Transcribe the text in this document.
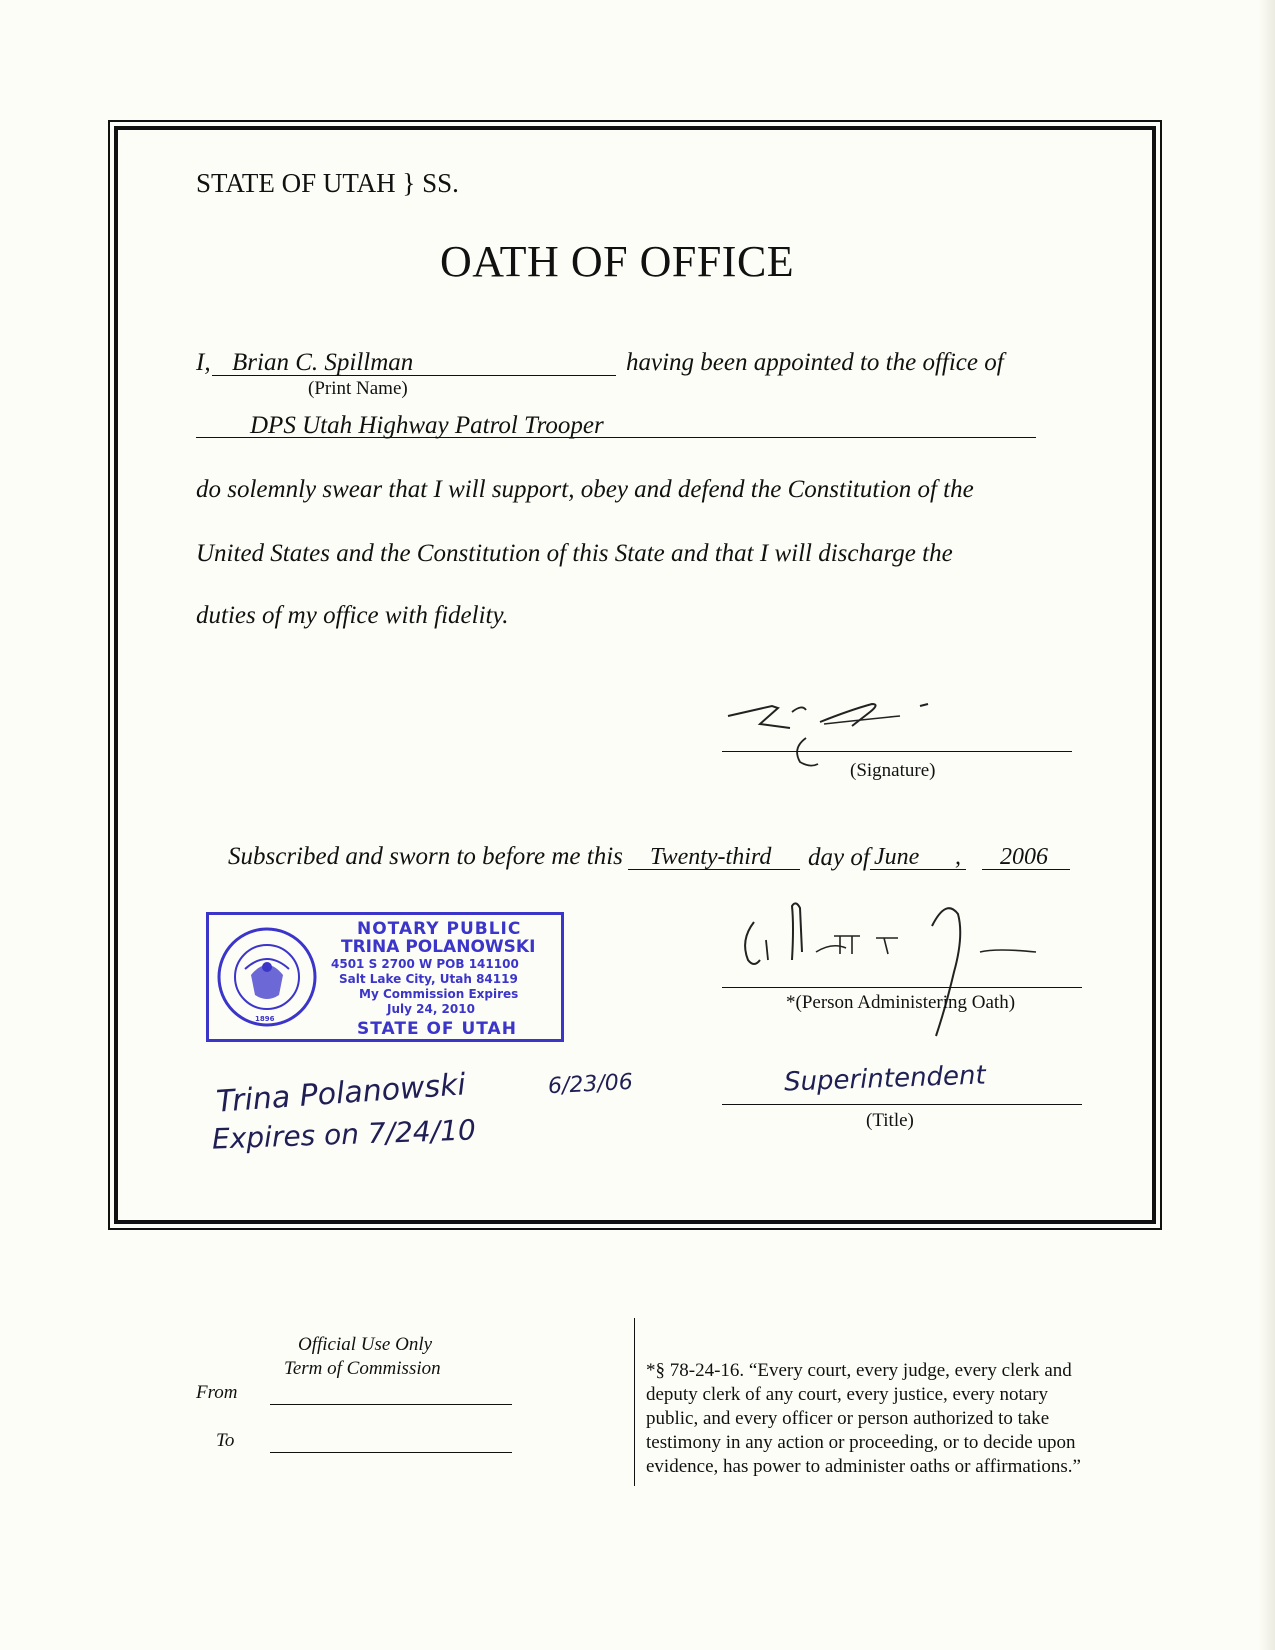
STATE OF UTAH } SS.
OATH OF OFFICE
I, Brian C. Spillman
(Print Name)
having been appointed to the office of
DPS Utah Highway Patrol Trooper
do solemnly swear that I will support, obey and defend the Constitution of the
United States and the Constitution of this State and that I will discharge the
duties of my office with fidelity.
(Signature)
Subscribed and sworn to before me this Twenty-third day of June , 2006
1896
NOTARY PUBLIC
TRINA POLANOWSKI
4501 S 2700 W POB 141100
Salt Lake City, Utah 84119
My Commission Expires
July 24, 2010
STATE OF UTAH
Trina Polanowski	6/23/06
Expires on 7/24/10
*(Person Administering Oath)
Superintendent
(Title)
Official Use Only
Term of Commission
From
To
*§ 78-24-16. “Every court, every judge, every clerk and
deputy clerk of any court, every justice, every notary
public, and every officer or person authorized to take
testimony in any action or proceeding, or to decide upon
evidence, has power to administer oaths or affirmations.”
